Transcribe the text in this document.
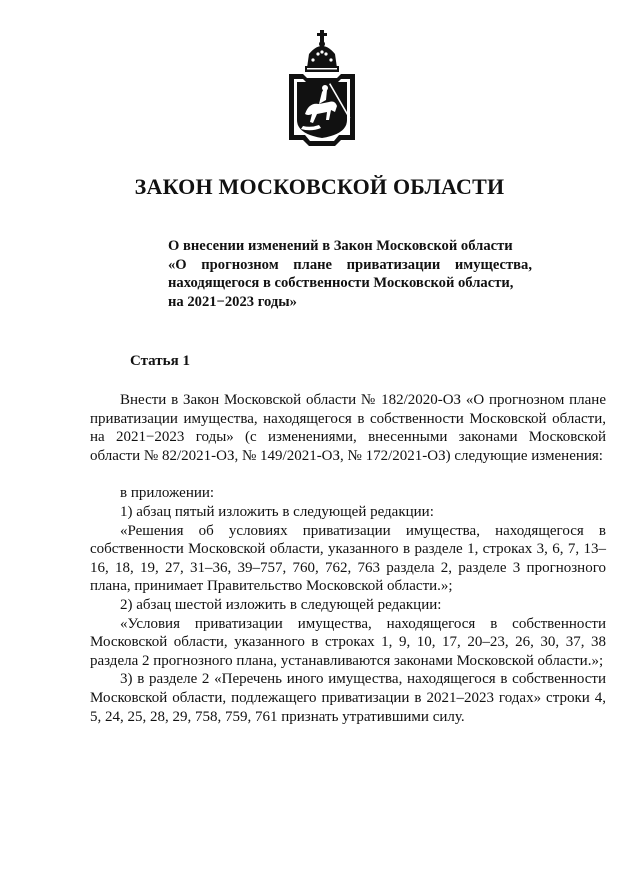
ЗАКОН МОСКОВСКОЙ ОБЛАСТИ
О внесении изменений в Закон Московской области
«О прогнозном плане приватизации имущества,
находящегося в собственности Московской области,
на 2021−2023 годы»
Статья 1

Внести в Закон Московской области № 182/2020-ОЗ «О прогнозном плане приватизации имущества, находящегося в собственности Московской области, на 2021−2023 годы» (с изменениями, внесенными законами Московской области № 82/2021-ОЗ, № 149/2021-ОЗ, № 172/2021-ОЗ) следующие изменения:

в приложении:

1) абзац пятый изложить в следующей редакции:

«Решения об условиях приватизации имущества, находящегося в собственности Московской области, указанного в разделе 1, строках 3, 6, 7, 13–16, 18, 19, 27, 31–36, 39–757, 760, 762, 763 раздела 2, разделе 3 прогнозного плана, принимает Правительство Московской области.»;

2) абзац шестой изложить в следующей редакции:

«Условия приватизации имущества, находящегося в собственности Московской области, указанного в строках 1, 9, 10, 17, 20–23, 26, 30, 37, 38 раздела 2 прогнозного плана, устанавливаются законами Московской области.»;

3) в разделе 2 «Перечень иного имущества, находящегося в собственности Московской области, подлежащего приватизации в 2021–2023 годах» строки 4, 5, 24, 25, 28, 29, 758, 759, 761 признать утратившими силу.
